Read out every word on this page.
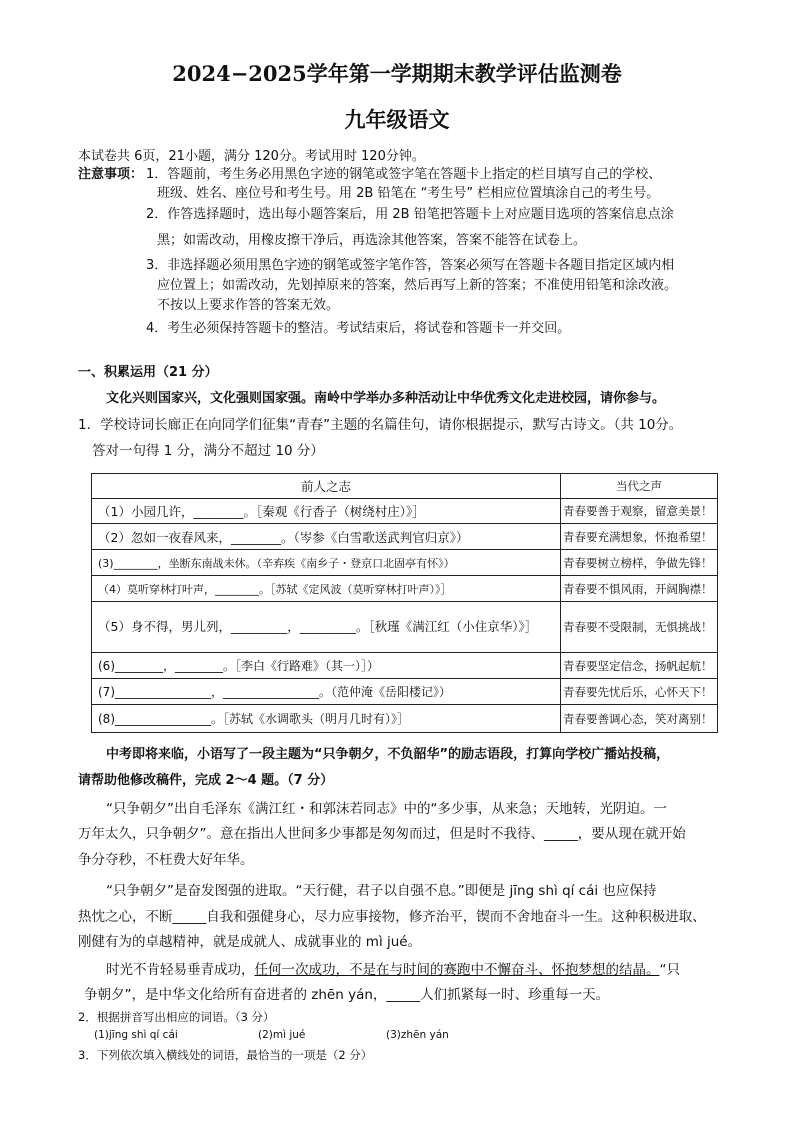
2024−2025学年第一学期期末教学评估监测卷
九年级语文
本试卷共 6页，21小题，满分 120分。考试用时 120分钟。
注意事项： 1．答题前，考生务必用黑色字迹的钢笔或签字笔在答题卡上指定的栏目填写自己的学校、
班级、姓名、座位号和考生号。用 2B 铅笔在 “考生号” 栏相应位置填涂自己的考生号。
2．作答选择题时，选出每小题答案后，用 2B 铅笔把答题卡上对应题目选项的答案信息点涂
黑；如需改动，用橡皮擦干净后，再选涂其他答案，答案不能答在试卷上。
3．非选择题必须用黑色字迹的钢笔或签字笔作答，答案必须写在答题卡各题目指定区域内相
应位置上；如需改动，先划掉原来的答案，然后再写上新的答案；不准使用铅笔和涂改液。
不按以上要求作答的答案无效。
4．考生必须保持答题卡的整洁。考试结束后，将试卷和答题卡一并交回。
一、积累运用（21 分）
文化兴则国家兴，文化强则国家强。南岭中学举办多种活动让中华优秀文化走进校园，请你参与。
1．学校诗词长廊正在向同学们征集“青春”主题的名篇佳句，请你根据提示，默写古诗文。（共 10分。
答对一句得 1 分，满分不超过 10 分）
前人之志	当代之声
（1）小园几许，________。［秦观《行香子（树绕村庄）》］	青春要善于观察，留意美景！
（2）忽如一夜春风来，________。（岑参《白雪歌送武判官归京》）	青春要充满想象，怀抱希望！
(3)________，坐断东南战未休。（辛弃疾《南乡子・登京口北固亭有怀》）	青春要树立榜样，争做先锋！
（4）莫听穿林打叶声，________。［苏轼《定风波（莫听穿林打叶声）》］	青春要不惧风雨，开阔胸襟！
（5）身不得，男儿列，_________，_________。［秋瑾《满江红（小住京华）》］	青春要不受限制，无惧挑战！
(6)________，________。［李白《行路难》（其一）］）	青春要坚定信念，扬帆起航！
(7)________________，________________。（范仲淹《岳阳楼记》）	青春要先忧后乐，心怀天下！
(8)________________。［苏轼《水调歌头（明月几时有）》］	青春要善调心态，笑对离别！
中考即将来临，小语写了一段主题为“只争朝夕，不负韶华”的励志语段，打算向学校广播站投稿，
请帮助他修改稿件，完成 2～4 题。（7 分）
“只争朝夕”出自毛泽东《满江红・和郭沫若同志》中的“多少事，从来急；天地转，光阴迫。一
万年太久，只争朝夕”。意在指出人世间多少事都是匆匆而过，但是时不我待、_____，要从现在就开始
争分夺秒，不枉费大好年华。
“只争朝夕”是奋发图强的进取。“天行健，君子以自强不息。”即便是 jīng shì qí cái 也应保持
热忱之心，不断_____自我和强健身心，尽力应事接物，修齐治平，锲而不舍地奋斗一生。这种积极进取、
刚健有为的卓越精神，就是成就人、成就事业的 mì jué。
时光不肯轻易垂青成功，任何一次成功，不是在与时间的赛跑中不懈奋斗、怀抱梦想的结晶。“只
争朝夕”，是中华文化给所有奋进者的 zhēn yán，_____人们抓紧每一时、珍重每一天。
2．根据拼音写出相应的词语。（3 分）
(1)jīng shì qí cái	(2)mì jué	(3)zhēn yán
3．下列依次填入横线处的词语，最恰当的一项是（2 分）
